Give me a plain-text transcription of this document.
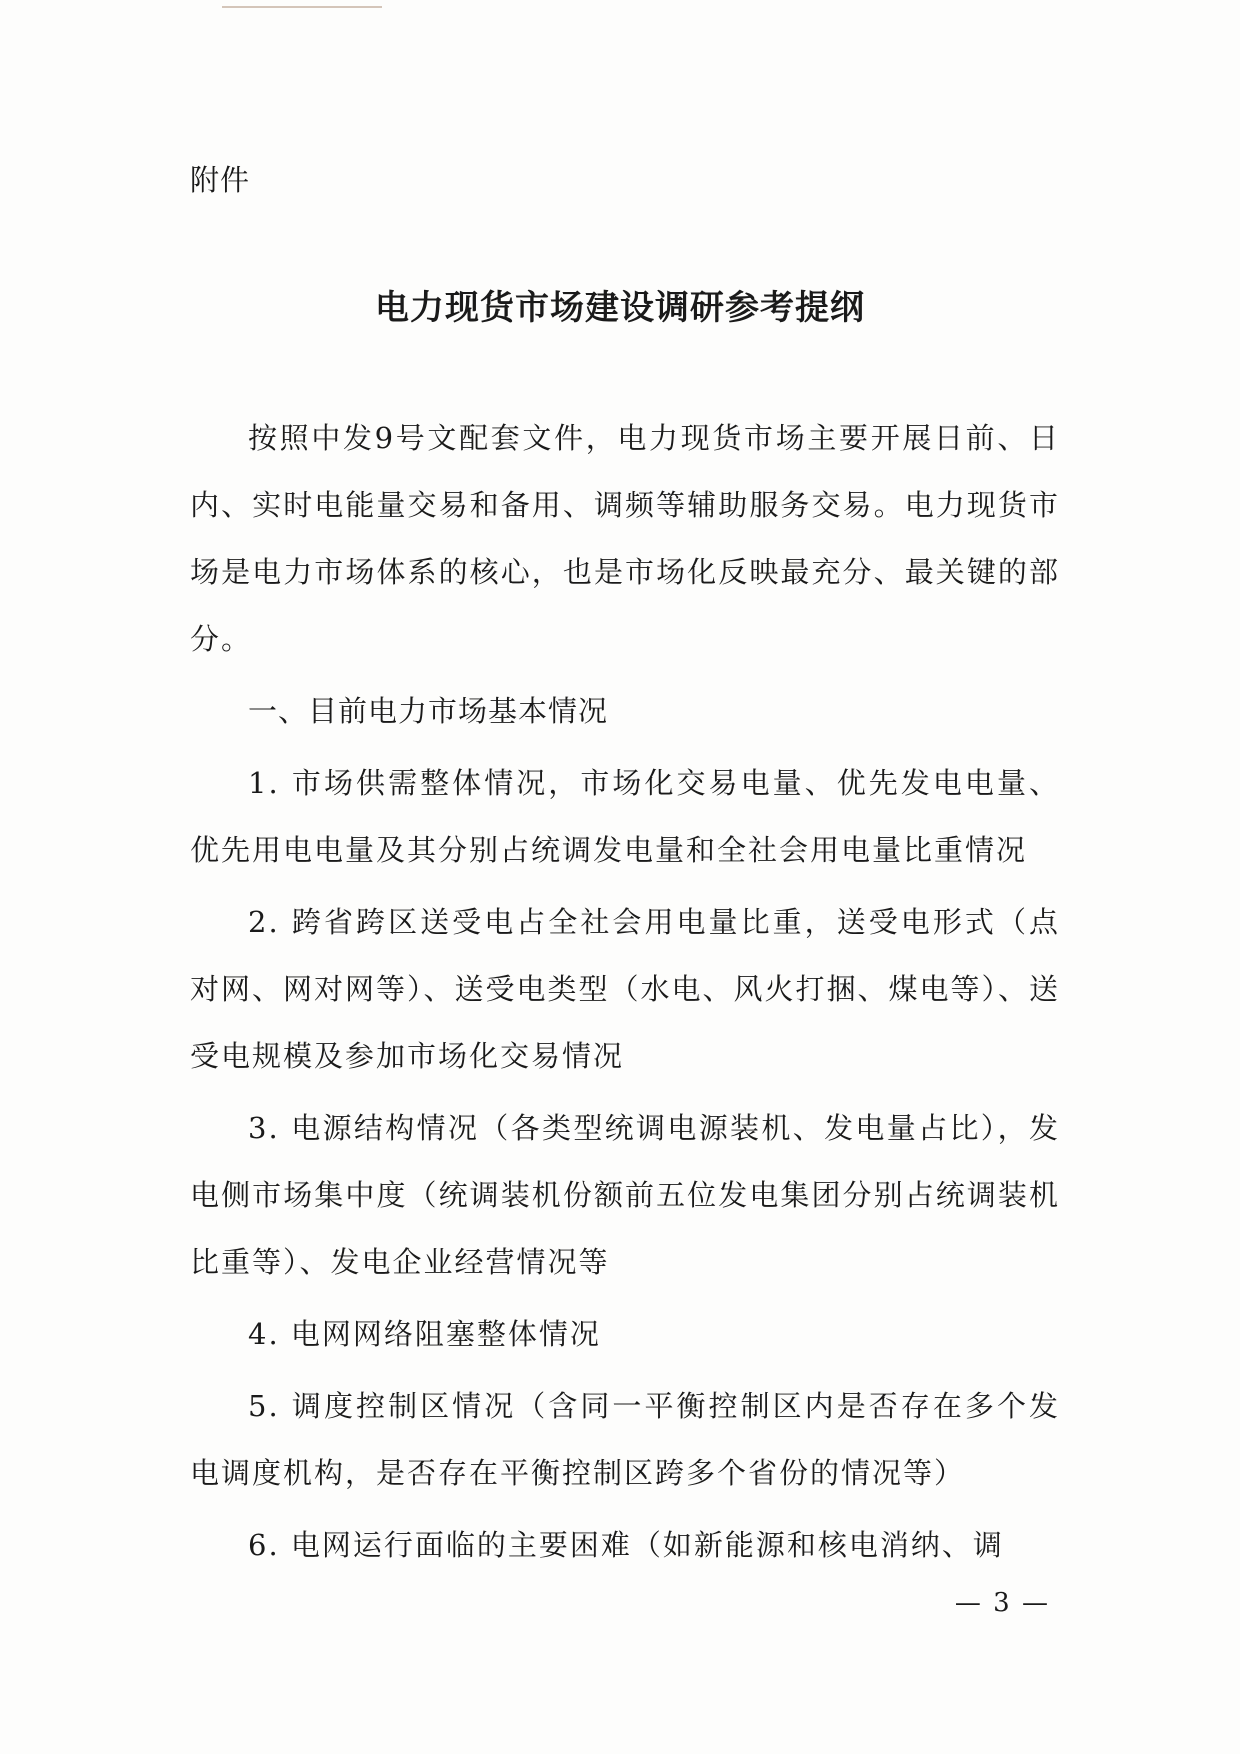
附件
电力现货市场建设调研参考提纲

按照中发9号文配套文件，电力现货市场主要开展日前、日内、实时电能量交易和备用、调频等辅助服务交易。电力现货市场是电力市场体系的核心，也是市场化反映最充分、最关键的部分。

一、目前电力市场基本情况

1. 市场供需整体情况，市场化交易电量、优先发电电量、优先用电电量及其分别占统调发电量和全社会用电量比重情况

2. 跨省跨区送受电占全社会用电量比重，送受电形式（点对网、网对网等）、送受电类型（水电、风火打捆、煤电等）、送受电规模及参加市场化交易情况

3. 电源结构情况（各类型统调电源装机、发电量占比），发电侧市场集中度（统调装机份额前五位发电集团分别占统调装机比重等）、发电企业经营情况等

4. 电网网络阻塞整体情况

5. 调度控制区情况（含同一平衡控制区内是否存在多个发电调度机构，是否存在平衡控制区跨多个省份的情况等）

6. 电网运行面临的主要困难（如新能源和核电消纳、调

— 3 —
